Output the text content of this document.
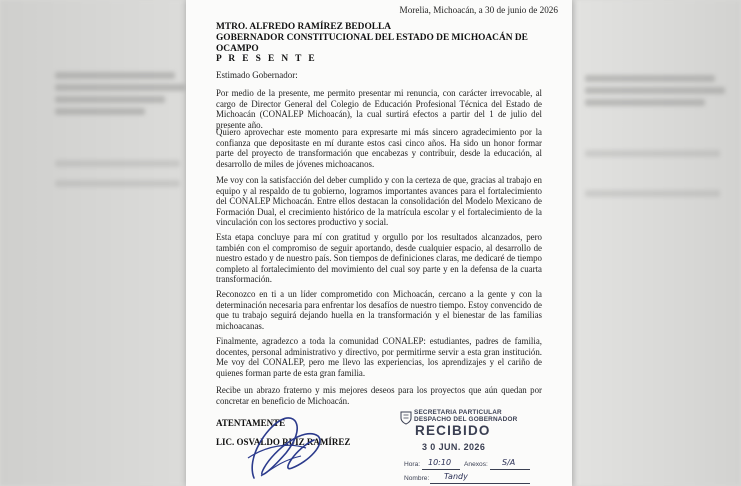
Morelia, Michoacán, a 30 de junio de 2026
MTRO. ALFREDO RAMÍREZ BEDOLLA
GOBERNADOR CONSTITUCIONAL DEL ESTADO DE MICHOACÁN DE
OCAMPO
P R E S E N T E
Estimado Gobernador:
Por medio de la presente, me permito presentar mi renuncia, con carácter irrevocable, al cargo de Director General del Colegio de Educación Profesional Técnica del Estado de Michoacán (CONALEP Michoacán), la cual surtirá efectos a partir del 1 de julio del presente año.
Quiero aprovechar este momento para expresarte mi más sincero agradecimiento por la confianza que depositaste en mí durante estos casi cinco años. Ha sido un honor formar parte del proyecto de transformación que encabezas y contribuir, desde la educación, al desarrollo de miles de jóvenes michoacanos.
Me voy con la satisfacción del deber cumplido y con la certeza de que, gracias al trabajo en equipo y al respaldo de tu gobierno, logramos importantes avances para el fortalecimiento del CONALEP Michoacán. Entre ellos destacan la consolidación del Modelo Mexicano de Formación Dual, el crecimiento histórico de la matrícula escolar y el fortalecimiento de la vinculación con los sectores productivo y social.
Esta etapa concluye para mí con gratitud y orgullo por los resultados alcanzados, pero también con el compromiso de seguir aportando, desde cualquier espacio, al desarrollo de nuestro estado y de nuestro país. Son tiempos de definiciones claras, me dedicaré de tiempo completo al fortalecimiento del movimiento del cual soy parte y en la defensa de la cuarta transformación.
Reconozco en ti a un líder comprometido con Michoacán, cercano a la gente y con la determinación necesaria para enfrentar los desafíos de nuestro tiempo. Estoy convencido de que tu trabajo seguirá dejando huella en la transformación y el bienestar de las familias michoacanas.
Finalmente, agradezco a toda la comunidad CONALEP: estudiantes, padres de familia, docentes, personal administrativo y directivo, por permitirme servir a esta gran institución. Me voy del CONALEP, pero me llevo las experiencias, los aprendizajes y el cariño de quienes forman parte de esta gran familia.
Recibe un abrazo fraterno y mis mejores deseos para los proyectos que aún quedan por concretar en beneficio de Michoacán.
ATENTAMENTE
LIC. OSVALDO RUIZ RAMÍREZ
SECRETARIA PARTICULAR
DESPACHO DEL GOBERNADOR
RECIBIDO
3 0 JUN. 2026
Hora: 10:10 Anexos: S/A
Nombre: Tandy
